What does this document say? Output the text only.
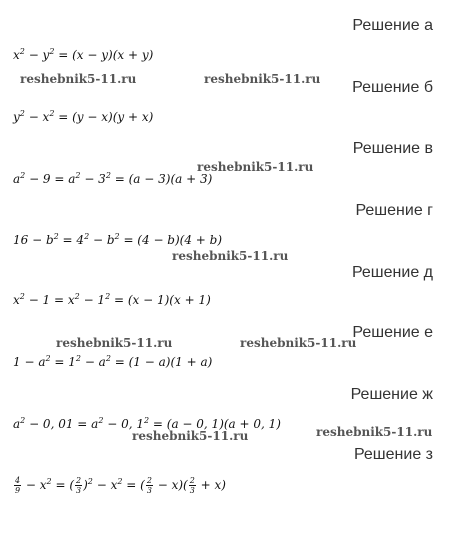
Решение а
Решение б
Решение в
Решение г
Решение д
Решение е
Решение ж
Решение з
$x^2 - y^2 = (x - y)(x + y)$
$y^2 - x^2 = (y - x)(y + x)$
$a^2 - 9 = a^2 - 3^2 = (a - 3)(a + 3)$
$16 - b^2 = 4^2 - b^2 = (4 - b)(4 + b)$
$x^2 - 1 = x^2 - 1^2 = (x - 1)(x + 1)$
$1 - a^2 = 1^2 - a^2 = (1 - a)(1 + a)$
$a^2 - 0$, $01 = a^2 - 0$, $1^2 = (a - 0$, 1)(a + 0, 1)
$\frac{4}{9} - x^2$ = ( $\frac{2}{3} )^2 - x^2$ = ( $\frac{2}{3} - x)( \frac{2}{3} + x)$
reshebnik5-11.ru	reshebnik5-11.ru
reshebnik5-11.ru
reshebnik5-11.ru
reshebnik5-11.ru	reshebnik5-11.ru
reshebnik5-11.ru	reshebnik5-11.ru
